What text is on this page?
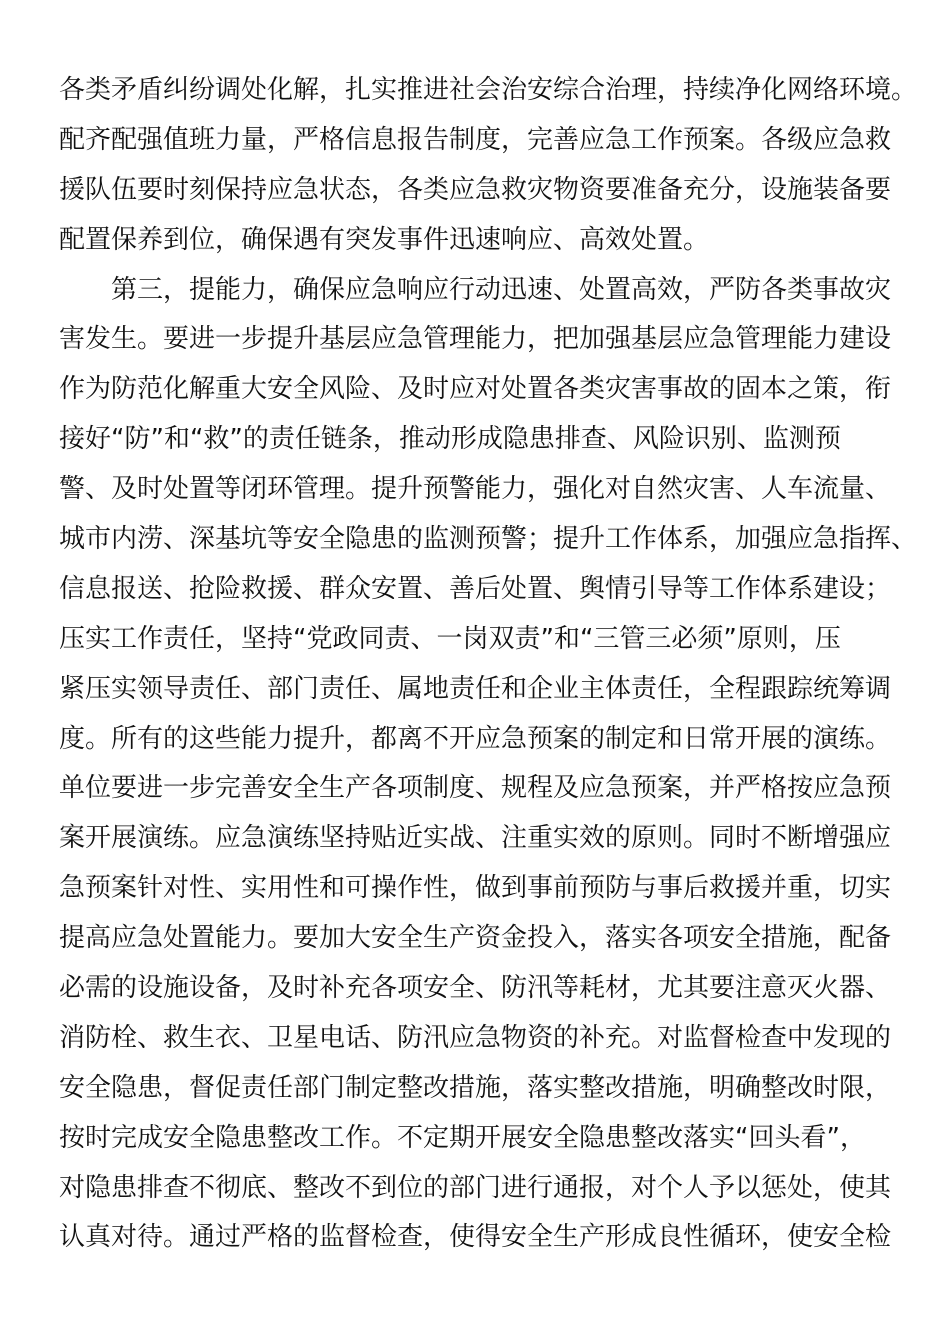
各类矛盾纠纷调处化解，扎实推进社会治安综合治理，持续净化网络环境。
配齐配强值班力量，严格信息报告制度，完善应急工作预案。各级应急救
援队伍要时刻保持应急状态，各类应急救灾物资要准备充分，设施装备要
配置保养到位，确保遇有突发事件迅速响应、高效处置。
第三，提能力，确保应急响应行动迅速、处置高效，严防各类事故灾
害发生。要进一步提升基层应急管理能力，把加强基层应急管理能力建设
作为防范化解重大安全风险、及时应对处置各类灾害事故的固本之策，衔
接好“防”和“救”的责任链条，推动形成隐患排查、风险识别、监测预
警、及时处置等闭环管理。提升预警能力，强化对自然灾害、人车流量、
城市内涝、深基坑等安全隐患的监测预警；提升工作体系，加强应急指挥、
信息报送、抢险救援、群众安置、善后处置、舆情引导等工作体系建设；
压实工作责任，坚持“党政同责、一岗双责”和“三管三必须”原则，压
紧压实领导责任、部门责任、属地责任和企业主体责任，全程跟踪统筹调
度。所有的这些能力提升，都离不开应急预案的制定和日常开展的演练。
单位要进一步完善安全生产各项制度、规程及应急预案，并严格按应急预
案开展演练。应急演练坚持贴近实战、注重实效的原则。同时不断增强应
急预案针对性、实用性和可操作性，做到事前预防与事后救援并重，切实
提高应急处置能力。要加大安全生产资金投入，落实各项安全措施，配备
必需的设施设备，及时补充各项安全、防汛等耗材，尤其要注意灭火器、
消防栓、救生衣、卫星电话、防汛应急物资的补充。对监督检查中发现的
安全隐患，督促责任部门制定整改措施，落实整改措施，明确整改时限，
按时完成安全隐患整改工作。不定期开展安全隐患整改落实“回头看”，
对隐患排查不彻底、整改不到位的部门进行通报，对个人予以惩处，使其
认真对待。通过严格的监督检查，使得安全生产形成良性循环，使安全检
